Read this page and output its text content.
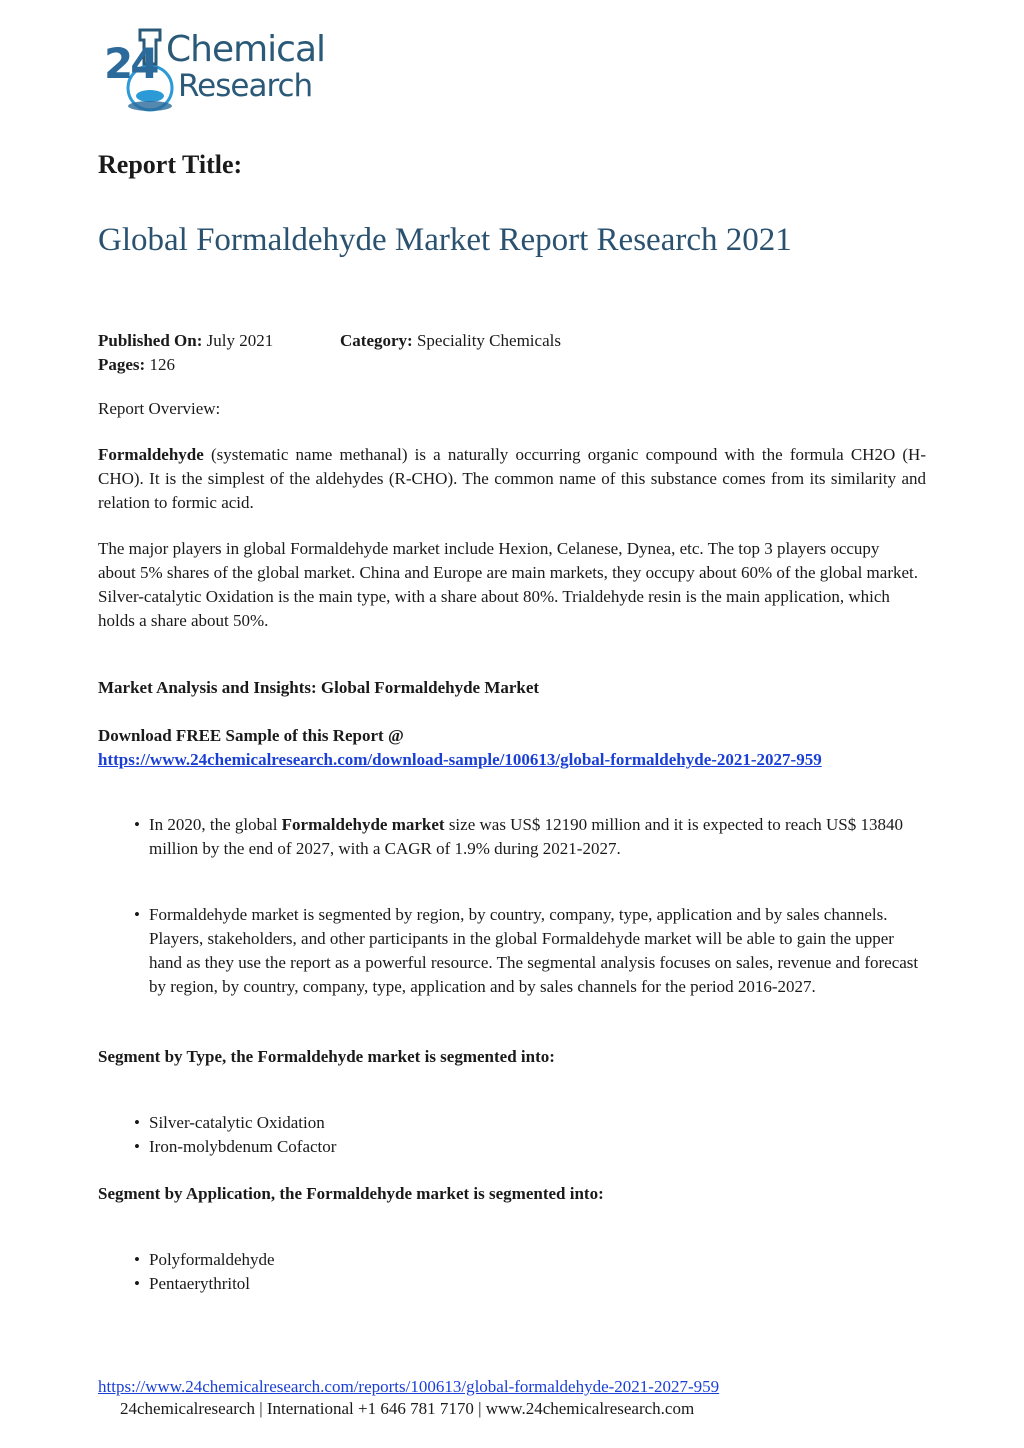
24 Chemical
Research
Report Title:
Global Formaldehyde Market Report Research 2021
Published On: July 2021	Category: Speciality Chemicals
Pages: 126

Report Overview:

Formaldehyde (systematic name methanal) is a naturally occurring organic compound with the formula CH2O (H-CHO). It is the simplest of the aldehydes (R-CHO). The common name of this substance comes from its similarity and relation to formic acid.

The major players in global Formaldehyde market include Hexion, Celanese, Dynea, etc. The top 3 players occupy about 5% shares of the global market. China and Europe are main markets, they occupy about 60% of the global market. Silver-catalytic Oxidation is the main type, with a share about 80%. Trialdehyde resin is the main application, which holds a share about 50%.

Market Analysis and Insights: Global Formaldehyde Market

Download FREE Sample of this Report @

https://www.24chemicalresearch.com/download-sample/100613/global-formaldehyde-2021-2027-959
• In 2020, the global Formaldehyde market size was US$ 12190 million and it is expected to reach US$ 13840 million by the end of 2027, with a CAGR of 1.9% during 2021-2027.
• Formaldehyde market is segmented by region, by country, company, type, application and by sales channels. Players, stakeholders, and other participants in the global Formaldehyde market will be able to gain the upper hand as they use the report as a powerful resource. The segmental analysis focuses on sales, revenue and forecast by region, by country, company, type, application and by sales channels for the period 2016-2027.

Segment by Type, the Formaldehyde market is segmented into:

• Silver-catalytic Oxidation
• Iron-molybdenum Cofactor

Segment by Application, the Formaldehyde market is segmented into:

• Polyformaldehyde
• Pentaerythritol
https://www.24chemicalresearch.com/reports/100613/global-formaldehyde-2021-2027-959
24chemicalresearch | International +1 646 781 7170 | www.24chemicalresearch.com
